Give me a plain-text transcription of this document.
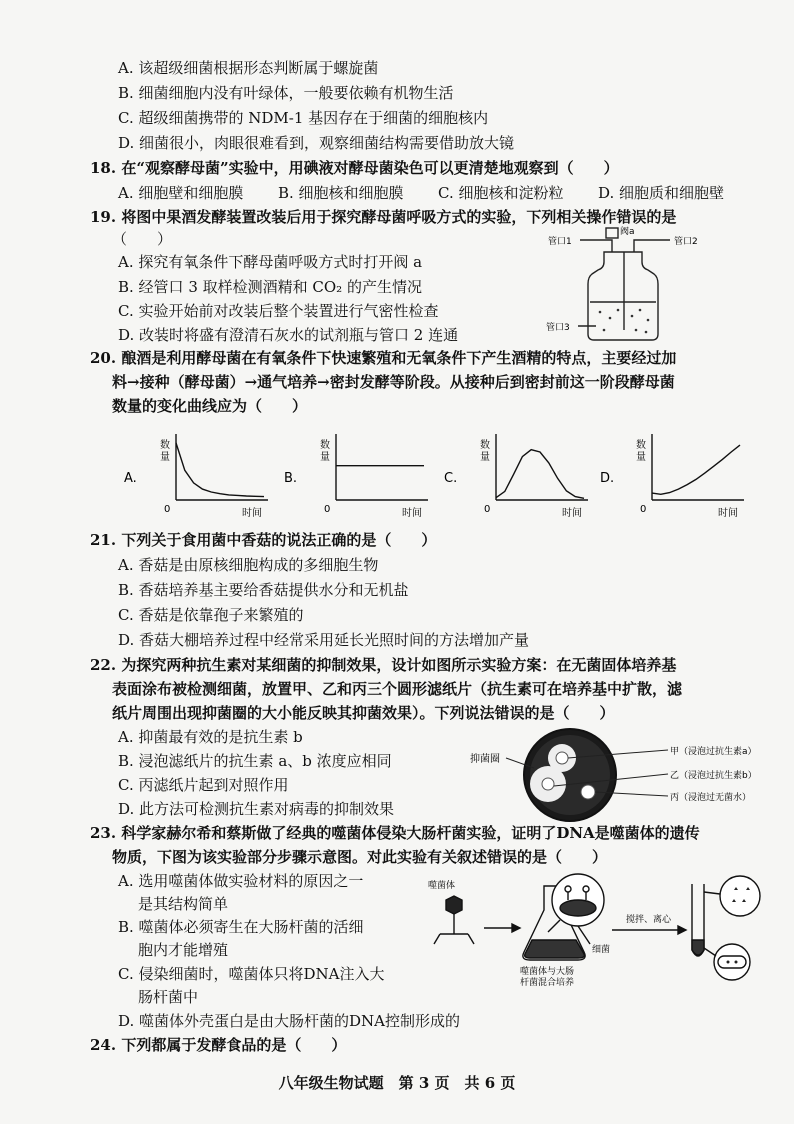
A. 该超级细菌根据形态判断属于螺旋菌
B. 细菌细胞内没有叶绿体，一般要依赖有机物生活
C. 超级细菌携带的 NDM-1 基因存在于细菌的细胞核内
D. 细菌很小，肉眼很难看到，观察细菌结构需要借助放大镜
18. 在“观察酵母菌”实验中，用碘液对酵母菌染色可以更清楚地观察到（　　）
A. 细胞壁和细胞膜 B. 细胞核和细胞膜 C. 细胞核和淀粉粒 D. 细胞质和细胞壁
19. 将图中果酒发酵装置改装后用于探究酵母菌呼吸方式的实验，下列相关操作错误的是
（　　）
A. 探究有氧条件下酵母菌呼吸方式时打开阀 a
B. 经管口 3 取样检测酒精和 CO₂ 的产生情况
C. 实验开始前对改装后整个装置进行气密性检查
D. 改装时将盛有澄清石灰水的试剂瓶与管口 2 连通
阀a
管口1	管口2
管口3
20. 酿酒是利用酵母菌在有氧条件下快速繁殖和无氧条件下产生酒精的特点，主要经过加
料→接种（酵母菌）→通气培养→密封发酵等阶段。从接种后到密封前这一阶段酵母菌
数量的变化曲线应为（　　）
A.
数
量
0	时间
B.
数
量
0	时间
C.
数
量
0	时间
D.
数
量
0	时间
21. 下列关于食用菌中香菇的说法正确的是（　　）
A. 香菇是由原核细胞构成的多细胞生物
B. 香菇培养基主要给香菇提供水分和无机盐
C. 香菇是依靠孢子来繁殖的
D. 香菇大棚培养过程中经常采用延长光照时间的方法增加产量
22. 为探究两种抗生素对某细菌的抑制效果，设计如图所示实验方案：在无菌固体培养基
表面涂布被检测细菌，放置甲、乙和丙三个圆形滤纸片（抗生素可在培养基中扩散，滤
纸片周围出现抑菌圈的大小能反映其抑菌效果）。下列说法错误的是（　　）
A. 抑菌最有效的是抗生素 b
B. 浸泡滤纸片的抗生素 a、b 浓度应相同
C. 丙滤纸片起到对照作用
D. 此方法可检测抗生素对病毒的抑制效果
抑菌圈
甲（浸泡过抗生素a）
乙（浸泡过抗生素b）
丙（浸泡过无菌水）
23. 科学家赫尔希和蔡斯做了经典的噬菌体侵染大肠杆菌实验，证明了DNA是噬菌体的遗传
物质，下图为该实验部分步骤示意图。对此实验有关叙述错误的是（　　）
A. 选用噬菌体做实验材料的原因之一
是其结构简单
B. 噬菌体必须寄生在大肠杆菌的活细
胞内才能增殖
C. 侵染细菌时，噬菌体只将DNA注入大
肠杆菌中
D. 噬菌体外壳蛋白是由大肠杆菌的DNA控制形成的
噬菌体
噬菌体与大肠
杆菌混合培养
细菌
搅拌、离心
24. 下列都属于发酵食品的是（　　）
八年级生物试题　第 3 页　共 6 页
